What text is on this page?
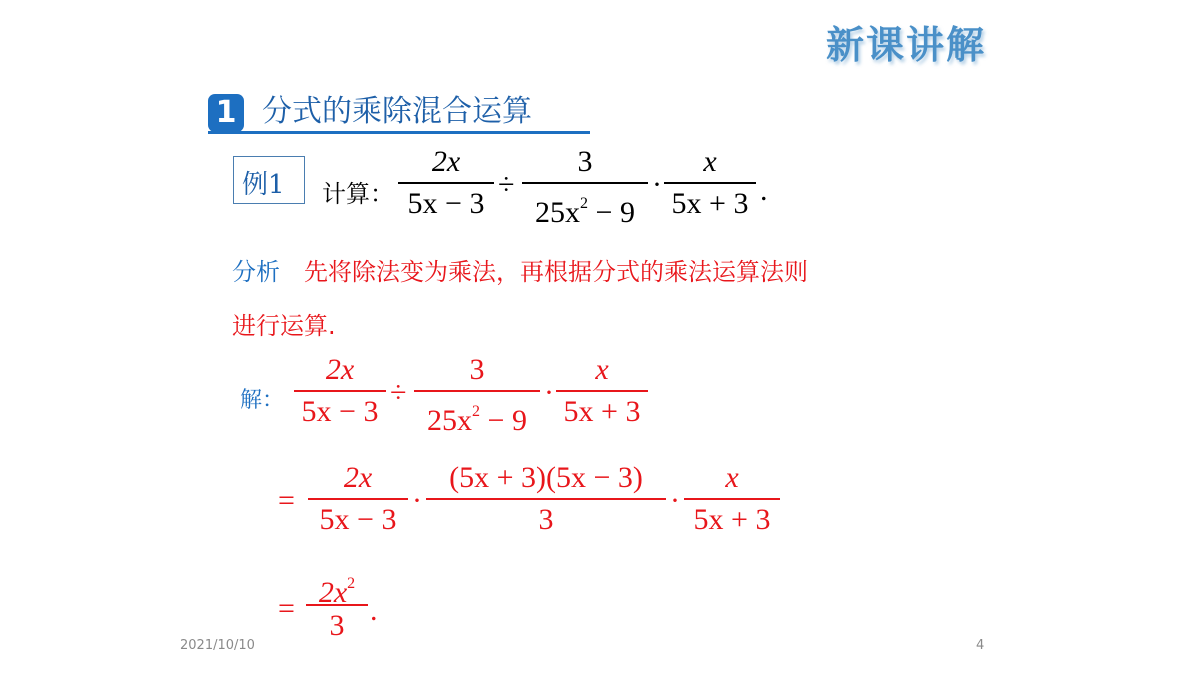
新课讲解
1 分式的乘除混合运算
例1 计算：
2x
5x − 3
÷
3
$25x^2 - 9$
·
x
5x + 3 .
分析 先将除法变为乘法，再根据分式的乘法运算法则
进行运算.
解：
2x
5x − 3
÷
3
$25x^2 - 9$
·
x
5x + 3
=
2x
5x − 3
·
(5x + 3)(5x − 3)
3
·
x
5x + 3
= $2x^2$
3 .
2021/10/10	4
